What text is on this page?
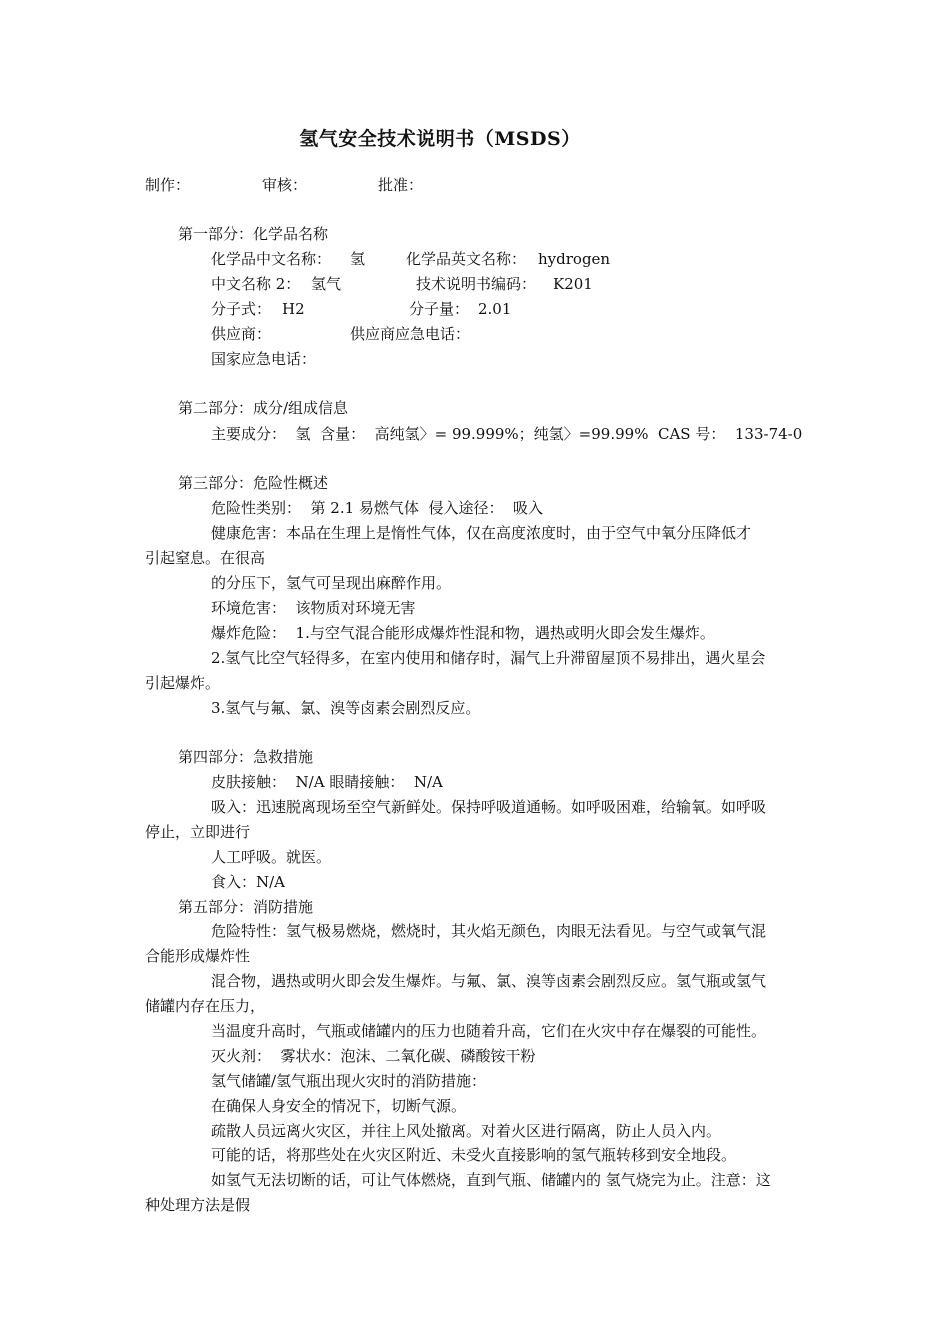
氢气安全技术说明书（MSDS）
制作：	审核：	批准：
第一部分：化学品名称
化学品中文名称： 氢	化学品英文名称： hydrogen
中文名称 2： 氢气	技术说明书编码： K201
分子式： H2	分子量： 2.01
供应商：	供应商应急电话：
国家应急电话：
第二部分：成分/组成信息
主要成分：  氢  含量：  高纯氢〉= 99.999%；纯氢〉=99.99%  CAS 号：  133-74-0
第三部分：危险性概述
危险性类别：  第 2.1 易燃气体  侵入途径：  吸入
健康危害：本品在生理上是惰性气体，仅在高度浓度时，由于空气中氧分压降低才
引起窒息。在很高
的分压下，氢气可呈现出麻醉作用。
环境危害：  该物质对环境无害
爆炸危险：  1.与空气混合能形成爆炸性混和物，遇热或明火即会发生爆炸。
2.氢气比空气轻得多，在室内使用和储存时，漏气上升滞留屋顶不易排出，遇火星会
引起爆炸。
3.氢气与氟、氯、溴等卤素会剧烈反应。
第四部分：急救措施
皮肤接触：  N/A 眼睛接触：  N/A
吸入：迅速脱离现场至空气新鲜处。保持呼吸道通畅。如呼吸困难，给输氧。如呼吸
停止，立即进行
人工呼吸。就医。
食入：N/A
第五部分：消防措施
危险特性：氢气极易燃烧，燃烧时，其火焰无颜色，肉眼无法看见。与空气或氧气混
合能形成爆炸性
混合物，遇热或明火即会发生爆炸。与氟、氯、溴等卤素会剧烈反应。氢气瓶或氢气
储罐内存在压力，
当温度升高时，气瓶或储罐内的压力也随着升高，它们在火灾中存在爆裂的可能性。
灭火剂：  雾状水：泡沫、二氧化碳、磷酸铵干粉
氢气储罐/氢气瓶出现火灾时的消防措施：
在确保人身安全的情况下，切断气源。
疏散人员远离火灾区，并往上风处撤离。对着火区进行隔离，防止人员入内。
可能的话，将那些处在火灾区附近、未受火直接影响的氢气瓶转移到安全地段。
如氢气无法切断的话，可让气体燃烧，直到气瓶、储罐内的 氢气烧完为止。注意：这
种处理方法是假
